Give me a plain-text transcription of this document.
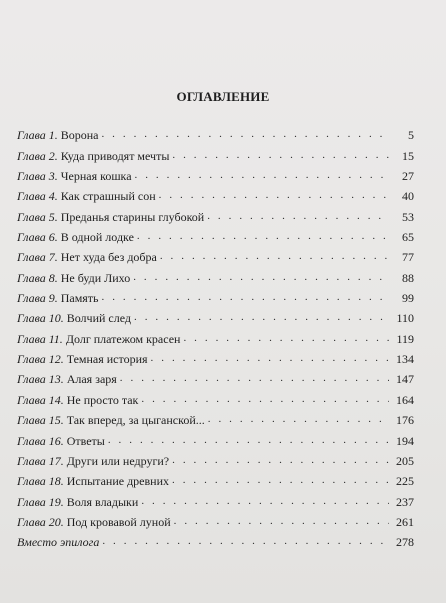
ОГЛАВЛЕНИЕ
Глава 1. Ворона . . .	5
Глава 2. Куда приводят мечты . . .	15
Глава 3. Черная кошка . . .	27
Глава 4. Как страшный сон . . .	40
Глава 5. Преданья старины глубокой . . .	53
Глава 6. В одной лодке . . .	65
Глава 7. Нет худа без добра . . .	77
Глава 8. Не буди Лихо . . .	88
Глава 9. Память . . .	99
Глава 10. Волчий след . . .	110
Глава 11. Долг платежом красен . . .	119
Глава 12. Темная история . . .	134
Глава 13. Алая заря . . .	147
Глава 14. Не просто так . . .	164
Глава 15. Так вперед, за цыганской... . . .	176
Глава 16. Ответы . . .	194
Глава 17. Други или недруги? . . .	205
Глава 18. Испытание древних . . .	225
Глава 19. Воля владыки . . .	237
Глава 20. Под кровавой луной . . .	261
Вместо эпилога . . .	278
